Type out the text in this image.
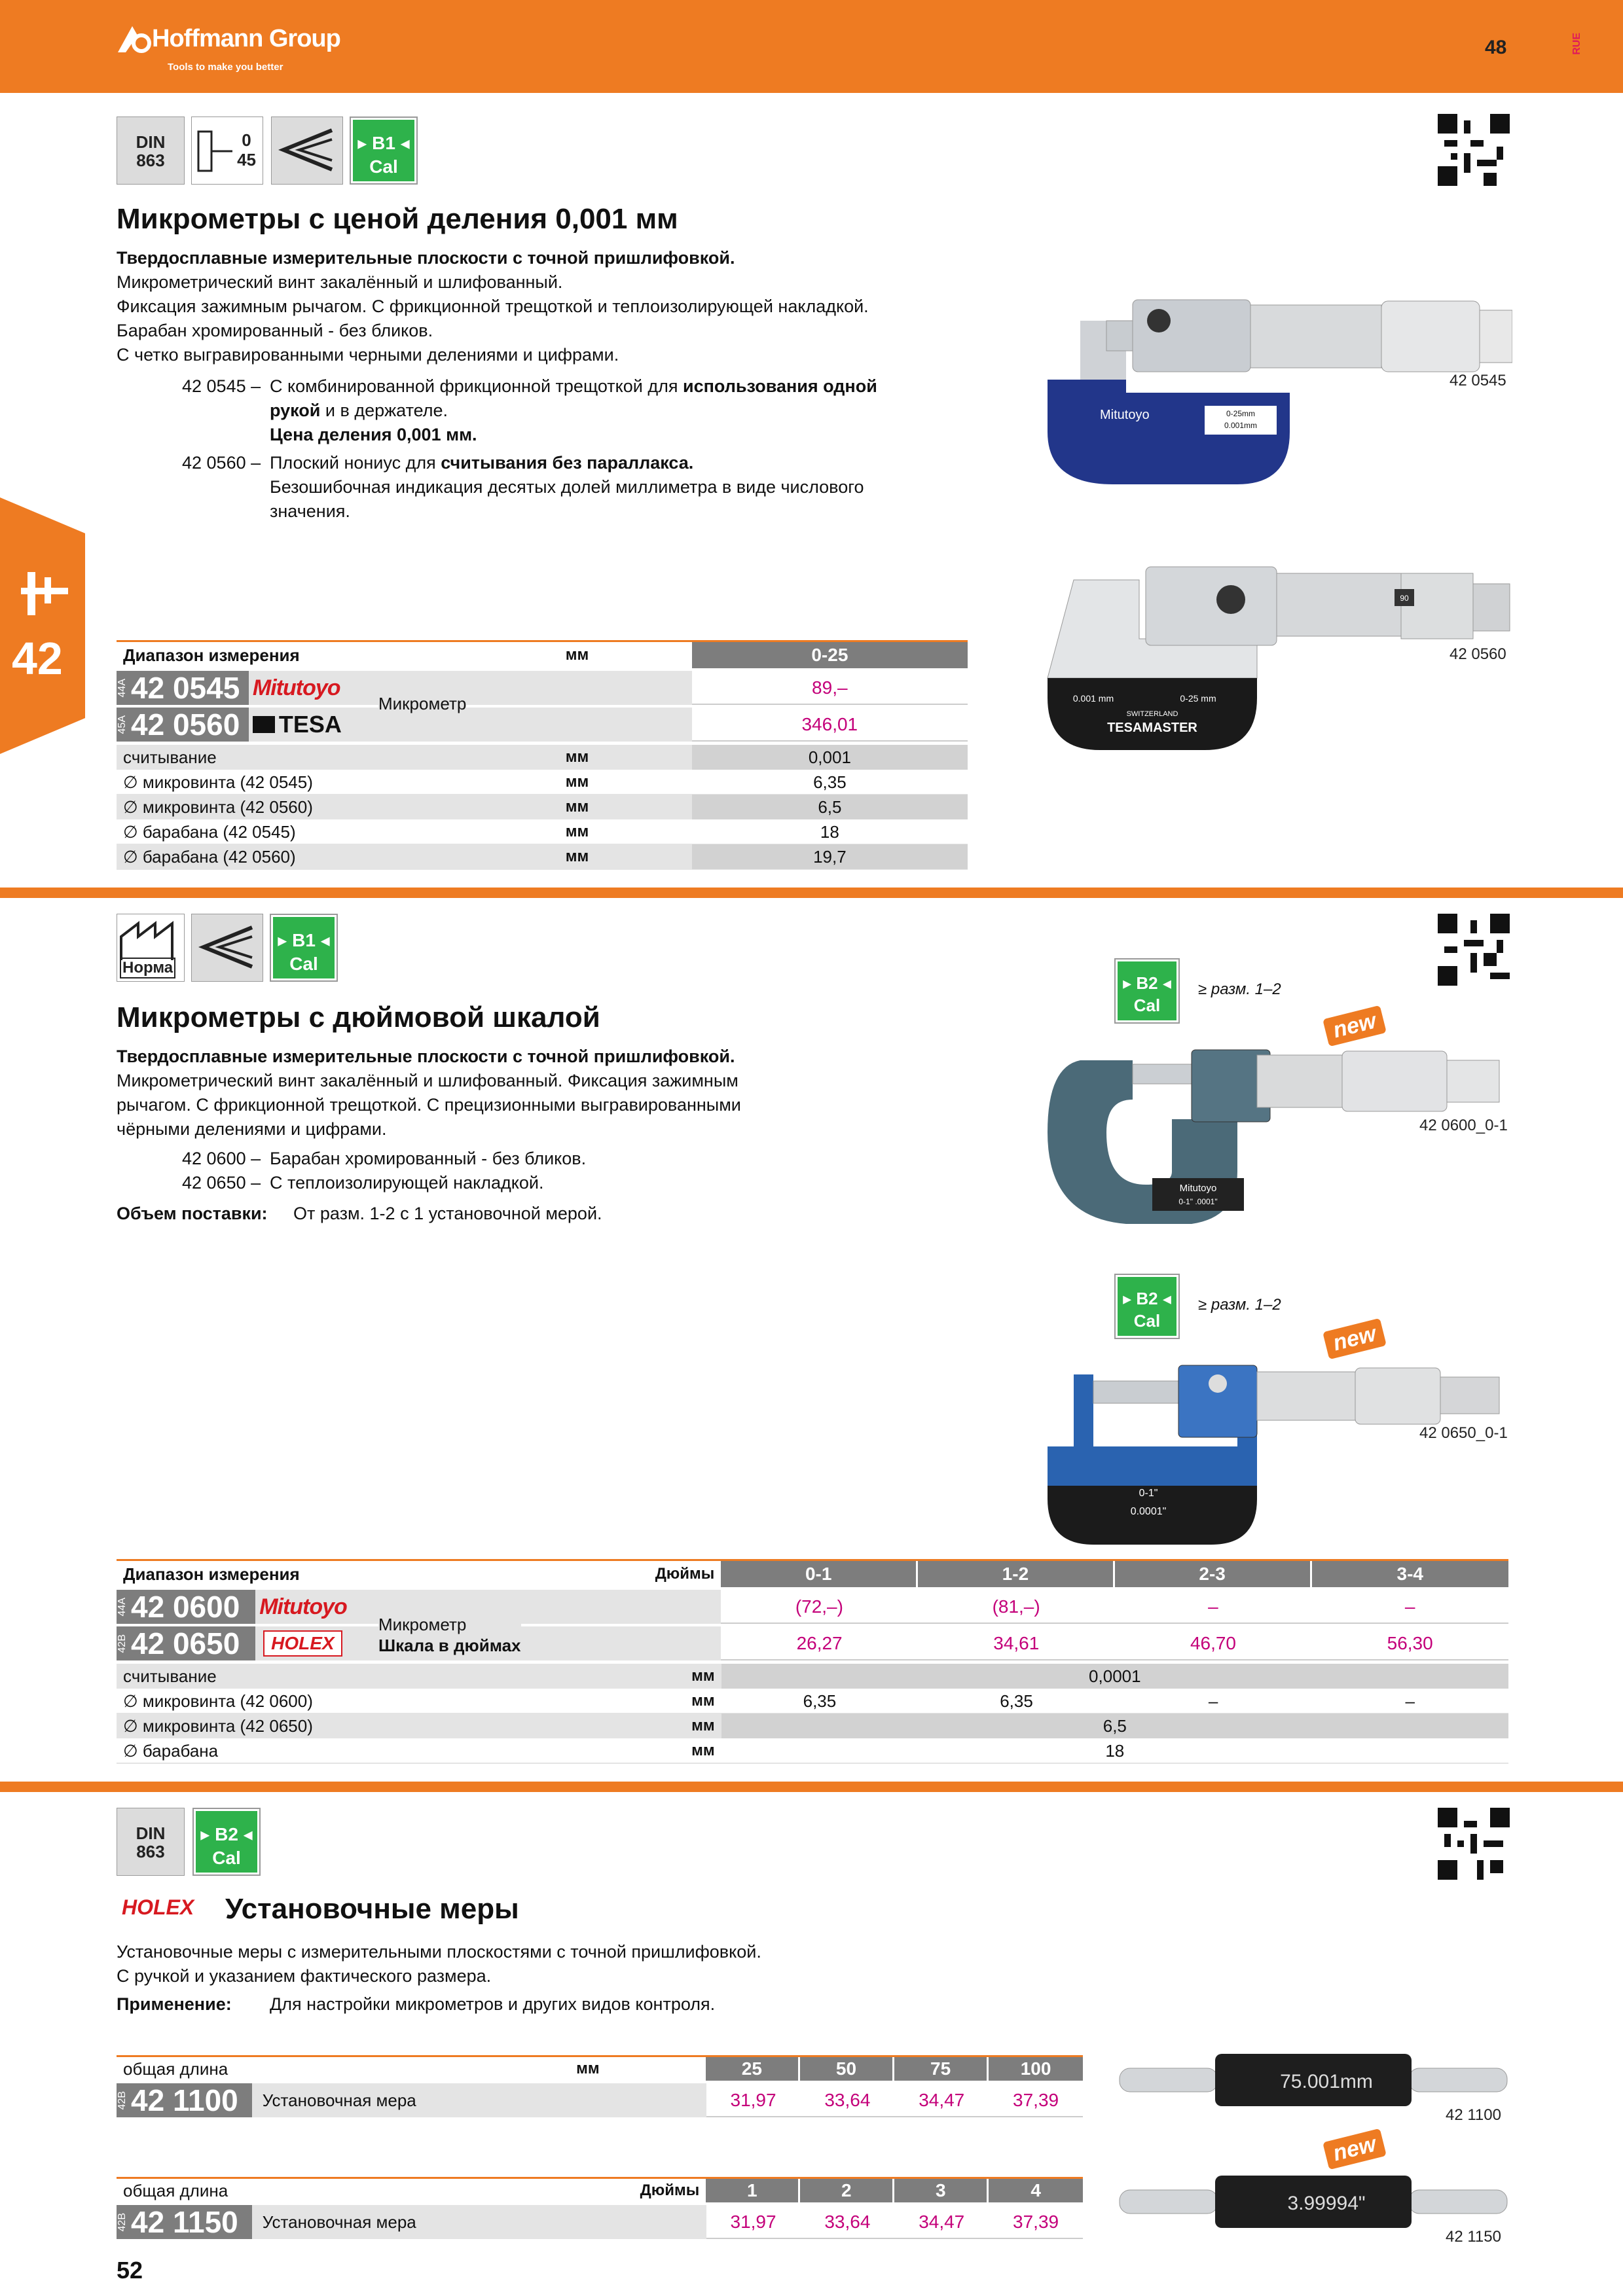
Hoffmann Group
Tools to make you better
48	RUE
42
DIN
863
0
45
▸ B1 ◂
Cal
Микрометры с ценой деления 0,001 мм
Твердосплавные измерительные плоскости с точной пришлифовкой.
Микрометрический винт закалённый и шлифованный.
Фиксация зажимным рычагом. С фрикционной трещоткой и теплоизолирующей накладкой.
Барабан хромированный - без бликов.
С четко выгравированными черными делениями и цифрами.
42 0545 – С комбинированной фрикционной трещоткой для использования одной
рукой и в держателе.
Цена деления 0,001 мм.
42 0560 – Плоский нониус для считывания без параллакса.
Безошибочная индикация десятых долей миллиметра в виде числового
значения.
0-25mm
0.001mm
Mitutoyo
42 0545
90
0.001 mm	0-25 mm
SWITZERLAND
TESAMASTER
42 0560
Диапазон измерения	мм	0-25
44A 42 0545 Mitutoyo	89,–
45A 42 0560 TESA	346,01
Микрометр
считывание	мм	0,001
∅ микровинта (42 0545)	мм	6,35
∅ микровинта (42 0560)	мм	6,5
∅ барабана (42 0545)	мм	18
∅ барабана (42 0560)	мм	19,7
Норма
▸ B1 ◂
Cal
Микрометры с дюймовой шкалой
Твердосплавные измерительные плоскости с точной пришлифовкой.
Микрометрический винт закалённый и шлифованный. Фиксация зажимным
рычагом. С фрикционной трещоткой. С прецизионными выгравированными
чёрными делениями и цифрами.
42 0600 – Барабан хромированный - без бликов.
42 0650 – С теплоизолирующей накладкой.
Объем поставки:	От разм. 1-2 с 1 установочной мерой.
▸ B2 ◂
Cal
≥ разм. 1–2
new
Mitutoyo
0-1" .0001"
42 0600_0-1
▸ B2 ◂
Cal
≥ разм. 1–2
new
0-1"
0.0001"
42 0650_0-1
Диапазон измерения	Дюймы	0-1	1-2	2-3	3-4
44A 42 0600 Mitutoyo	(72,–)	(81,–)	–	–
42B 42 0650	HOLEX	26,27	34,61	46,70	56,30
Микрометр
Шкала в дюймах
считывание	мм	0,0001
∅ микровинта (42 0600)	мм	6,35	6,35	–	–
∅ микровинта (42 0650)	мм	6,5
∅ барабана	мм	18
DIN
863
▸ B2 ◂
Cal
HOLEX Установочные меры
Установочные меры с измерительными плоскостями с точной пришлифовкой.
С ручкой и указанием фактического размера.
Применение:	Для настройки микрометров и других видов контроля.
общая длина	мм	25	50	75	100
42B 42 1100	Установочная мера	31,97	33,64	34,47	37,39
общая длина	Дюймы	1	2	3	4
42B 42 1150	Установочная мера	31,97	33,64	34,47	37,39
75.001mm
42 1100
new
3.99994"
42 1150
52
